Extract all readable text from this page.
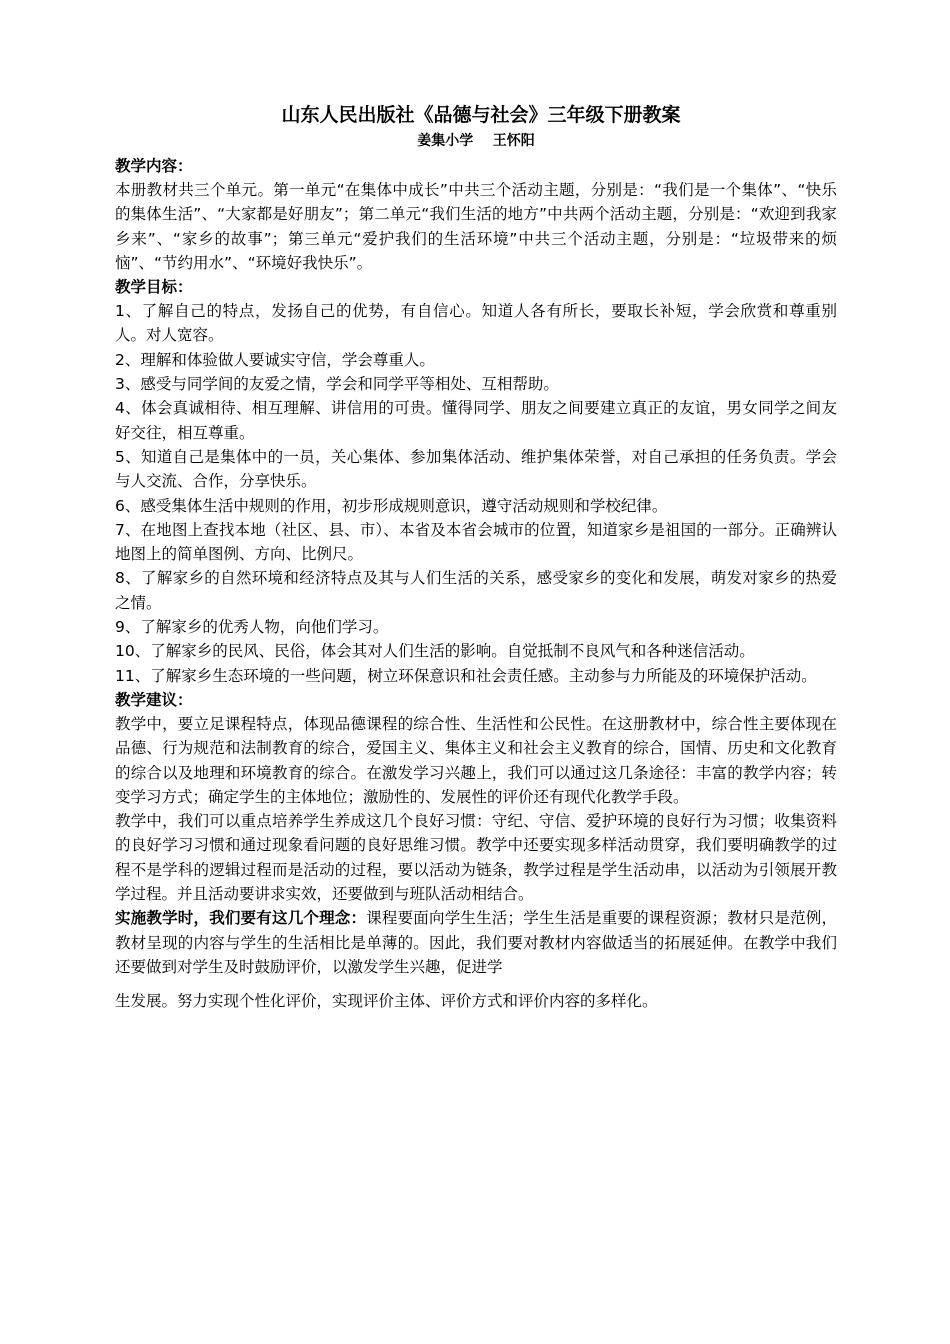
山东人民出版社《品德与社会》三年级下册教案
姜集小学    王怀阳
教学内容：

本册教材共三个单元。第一单元“在集体中成长”中共三个活动主题，分别是：“我们是一个集体”、“快乐的集体生活”、“大家都是好朋友”；第二单元“我们生活的地方”中共两个活动主题，分别是：“欢迎到我家乡来”、“家乡的故事”；第三单元“爱护我们的生活环境”中共三个活动主题，分别是：“垃圾带来的烦恼”、“节约用水”、“环境好我快乐”。

教学目标：

1、了解自己的特点，发扬自己的优势，有自信心。知道人各有所长，要取长补短，学会欣赏和尊重别人。对人宽容。

2、理解和体验做人要诚实守信，学会尊重人。

3、感受与同学间的友爱之情，学会和同学平等相处、互相帮助。

4、体会真诚相待、相互理解、讲信用的可贵。懂得同学、朋友之间要建立真正的友谊，男女同学之间友好交往，相互尊重。

5、知道自己是集体中的一员，关心集体、参加集体活动、维护集体荣誉，对自己承担的任务负责。学会与人交流、合作，分享快乐。

6、感受集体生活中规则的作用，初步形成规则意识，遵守活动规则和学校纪律。

7、在地图上查找本地（社区、县、市）、本省及本省会城市的位置，知道家乡是祖国的一部分。正确辨认地图上的简单图例、方向、比例尺。

8、了解家乡的自然环境和经济特点及其与人们生活的关系，感受家乡的变化和发展，萌发对家乡的热爱之情。

9、了解家乡的优秀人物，向他们学习。

10、了解家乡的民风、民俗，体会其对人们生活的影响。自觉抵制不良风气和各种迷信活动。

11、了解家乡生态环境的一些问题，树立环保意识和社会责任感。主动参与力所能及的环境保护活动。

教学建议：

教学中，要立足课程特点，体现品德课程的综合性、生活性和公民性。在这册教材中，综合性主要体现在品德、行为规范和法制教育的综合，爱国主义、集体主义和社会主义教育的综合，国情、历史和文化教育的综合以及地理和环境教育的综合。在激发学习兴趣上，我们可以通过这几条途径：丰富的教学内容；转变学习方式；确定学生的主体地位；激励性的、发展性的评价还有现代化教学手段。

教学中，我们可以重点培养学生养成这几个良好习惯：守纪、守信、爱护环境的良好行为习惯；收集资料的良好学习习惯和通过现象看问题的良好思维习惯。教学中还要实现多样活动贯穿，我们要明确教学的过程不是学科的逻辑过程而是活动的过程，要以活动为链条，教学过程是学生活动串，以活动为引领展开教学过程。并且活动要讲求实效，还要做到与班队活动相结合。

实施教学时，我们要有这几个理念：课程要面向学生生活；学生生活是重要的课程资源；教材只是范例，教材呈现的内容与学生的生活相比是单薄的。因此，我们要对教材内容做适当的拓展延伸。在教学中我们还要做到对学生及时鼓励评价，以激发学生兴趣，促进学

生发展。努力实现个性化评价，实现评价主体、评价方式和评价内容的多样化。
